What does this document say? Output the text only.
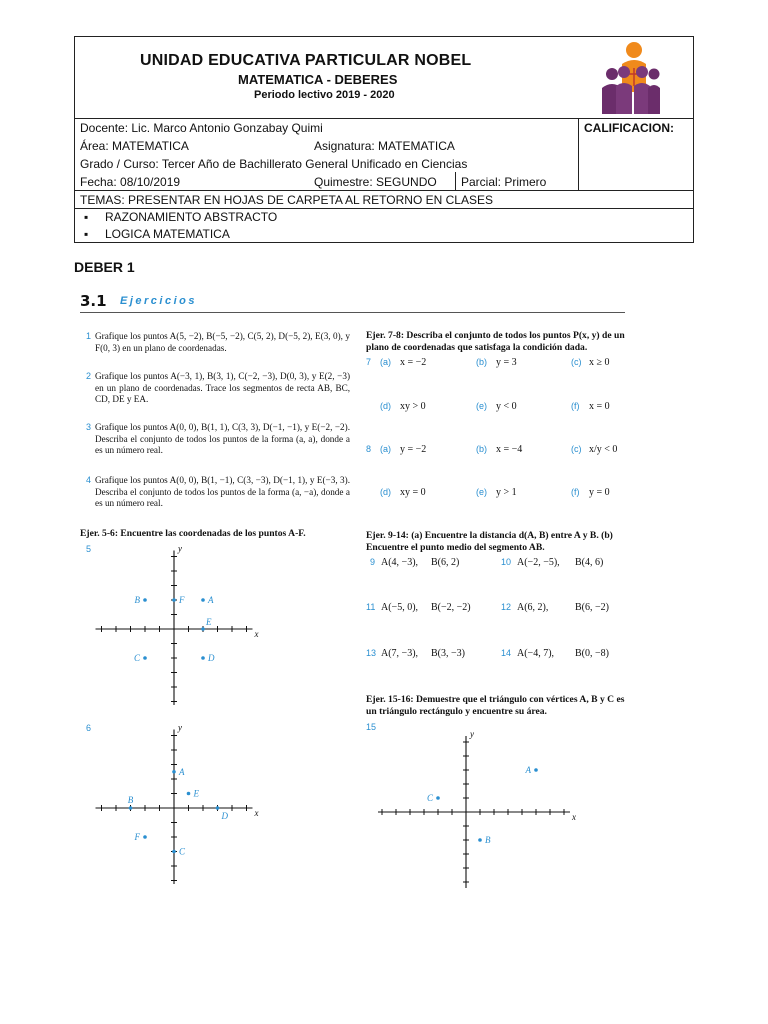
UNIDAD EDUCATIVA PARTICULAR NOBEL
MATEMATICA - DEBERES
Periodo lectivo 2019 - 2020
Docente: Lic. Marco Antonio Gonzabay Quimi	CALIFICACION:
Área: MATEMATICA	Asignatura: MATEMATICA
Grado / Curso: Tercer Año de Bachillerato General Unificado en Ciencias
Fecha: 08/10/2019	Quimestre: SEGUNDO Parcial: Primero
TEMAS: PRESENTAR EN HOJAS DE CARPETA AL RETORNO EN CLASES
▪     RAZONAMIENTO ABSTRACTO
▪     LOGICA MATEMATICA
DEBER 1
3.1 Ejercicios
1 Grafique los puntos A(5, −2), B(−5, −2), C(5, 2), D(−5, 2), E(3, 0), y F(0, 3) en un plano de coordenadas.
2 Grafique los puntos A(−3, 1), B(3, 1), C(−2, −3), D(0, 3), y E(2, −3) en un plano de coordenadas. Trace los segmentos de recta AB, BC, CD, DE y EA.
3 Grafique los puntos A(0, 0), B(1, 1), C(3, 3), D(−1, −1), y E(−2, −2). Describa el conjunto de todos los puntos de la forma (a, a), donde a es un número real.
4 Grafique los puntos A(0, 0), B(1, −1), C(3, −3), D(−1, 1), y E(−3, 3). Describa el conjunto de todos los puntos de la forma (a, −a), donde a es un número real.
Ejer. 7-8: Describa el conjunto de todos los puntos P(x, y) de un plano de coordenadas que satisfaga la condición dada.
7 (a) x = −2	(b) y = 3	(c) x ≥ 0
(d) xy > 0	(e) y < 0	(f) x = 0
8 (a) y = −2	(b) x = −4	(c) x/y < 0
(d) xy = 0	(e) y > 1	(f) y = 0
Ejer. 5-6: Encuentre las coordenadas de los puntos A-F.	Ejer. 9-14: (a) Encuentre la distancia d(A, B) entre A y B. (b) Encuentre el punto medio del segmento AB.
9 A(4, −3), B(6, 2)	10 A(−2, −5), B(4, 6)
11 A(−5, 0), B(−2, −2)	12 A(6, 2),	B(6, −2)
13 A(7, −3), B(3, −3)	14 A(−4, 7), B(0, −8)
Ejer. 15-16: Demuestre que el triángulo con vértices A, B y C es un triángulo rectángulo y encuentre su área.
5
6	15
x
y
A
B
C	D
E
F
x
y
A
B
C
D
E
F
x
y
A
B
C
